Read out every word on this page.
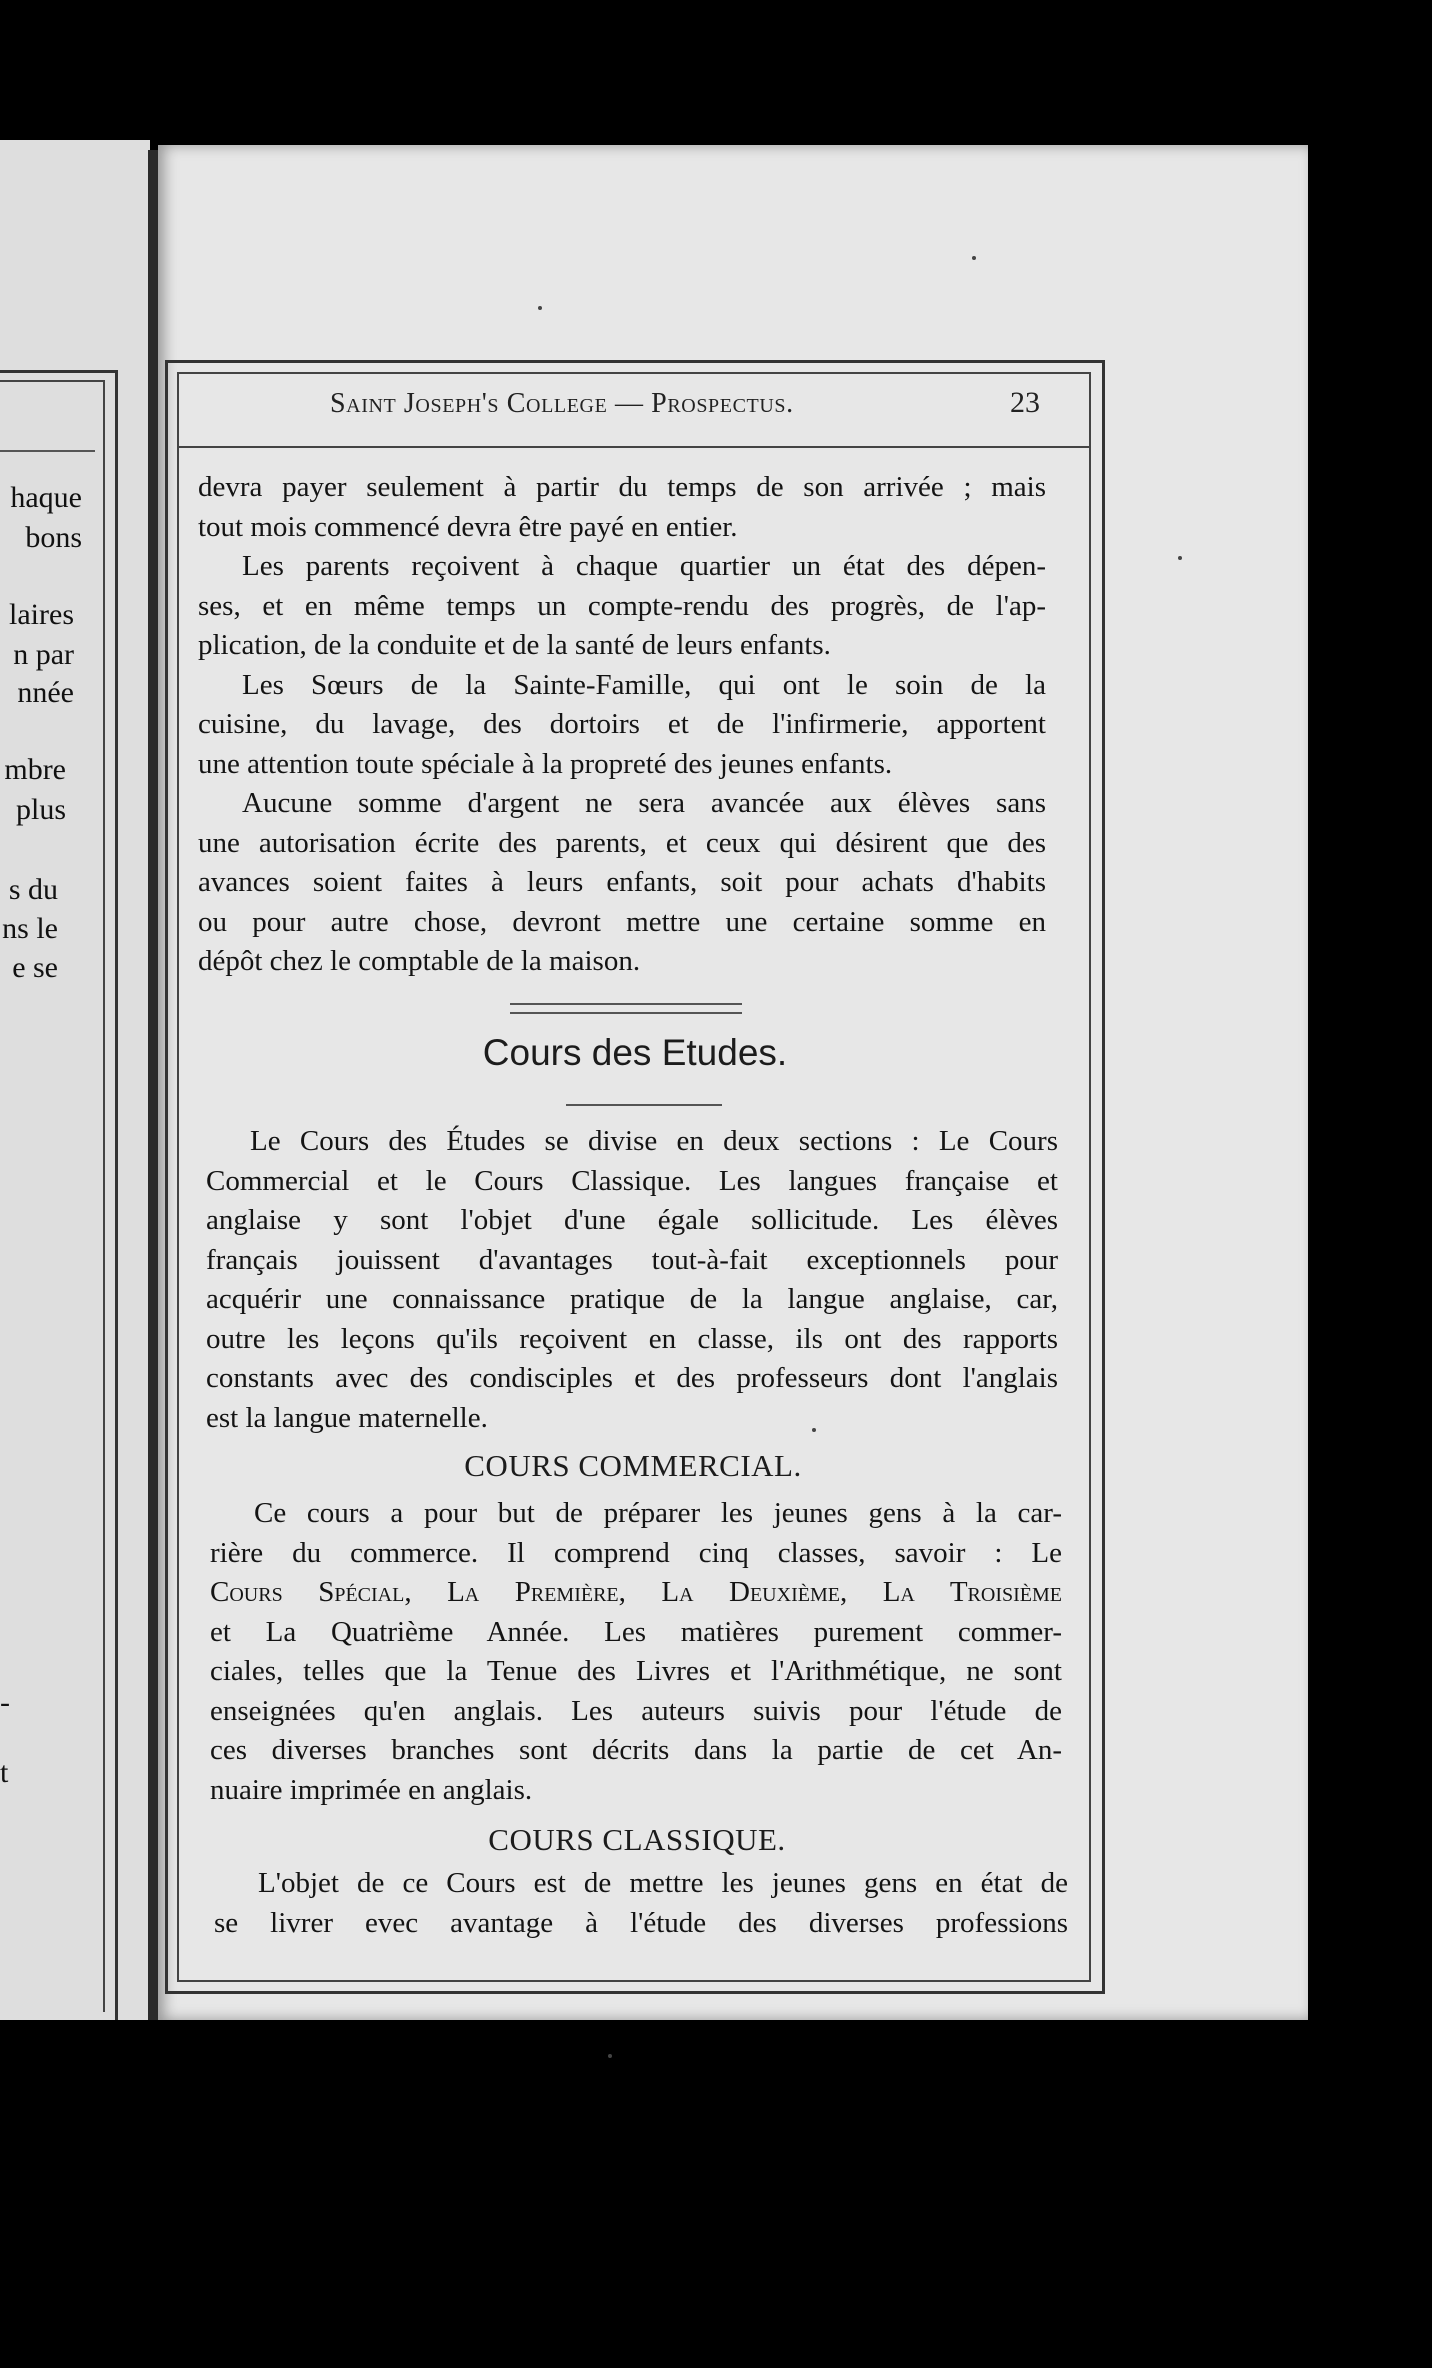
haque
bons
laires
n par
nnée
mbre
plus
s du
ns le
e se
-
t
Saint Joseph's College — Prospectus.	23
devra payer seulement à partir du temps de son arrivée ; mais
tout mois commencé devra être payé en entier.
Les parents reçoivent à chaque quartier un état des dépen-
ses, et en même temps un compte-rendu des progrès, de l'ap-
plication, de la conduite et de la santé de leurs enfants.
Les Sœurs de la Sainte-Famille, qui ont le soin de la
cuisine, du lavage, des dortoirs et de l'infirmerie, apportent
une attention toute spéciale à la propreté des jeunes enfants.
Aucune somme d'argent ne sera avancée aux élèves sans
une autorisation écrite des parents, et ceux qui désirent que des
avances soient faites à leurs enfants, soit pour achats d'habits
ou pour autre chose, devront mettre une certaine somme en
dépôt chez le comptable de la maison.
Cours des Etudes.
Le Cours des Études se divise en deux sections : Le Cours
Commercial et le Cours Classique. Les langues française et
anglaise y sont l'objet d'une égale sollicitude. Les élèves
français jouissent d'avantages tout-à-fait exceptionnels pour
acquérir une connaissance pratique de la langue anglaise, car,
outre les leçons qu'ils reçoivent en classe, ils ont des rapports
constants avec des condisciples et des professeurs dont l'anglais
est la langue maternelle.
COURS COMMERCIAL.
Ce cours a pour but de préparer les jeunes gens à la car-
rière du commerce. Il comprend cinq classes, savoir : Le
Cours Spécial, La Première, La Deuxième, La Troisième
et La Quatrième Année. Les matières purement commer-
ciales, telles que la Tenue des Livres et l'Arithmétique, ne sont
enseignées qu'en anglais. Les auteurs suivis pour l'étude de
ces diverses branches sont décrits dans la partie de cet An-
nuaire imprimée en anglais.
COURS CLASSIQUE.
L'objet de ce Cours est de mettre les jeunes gens en état de
se livrer evec avantage à l'étude des diverses professions
